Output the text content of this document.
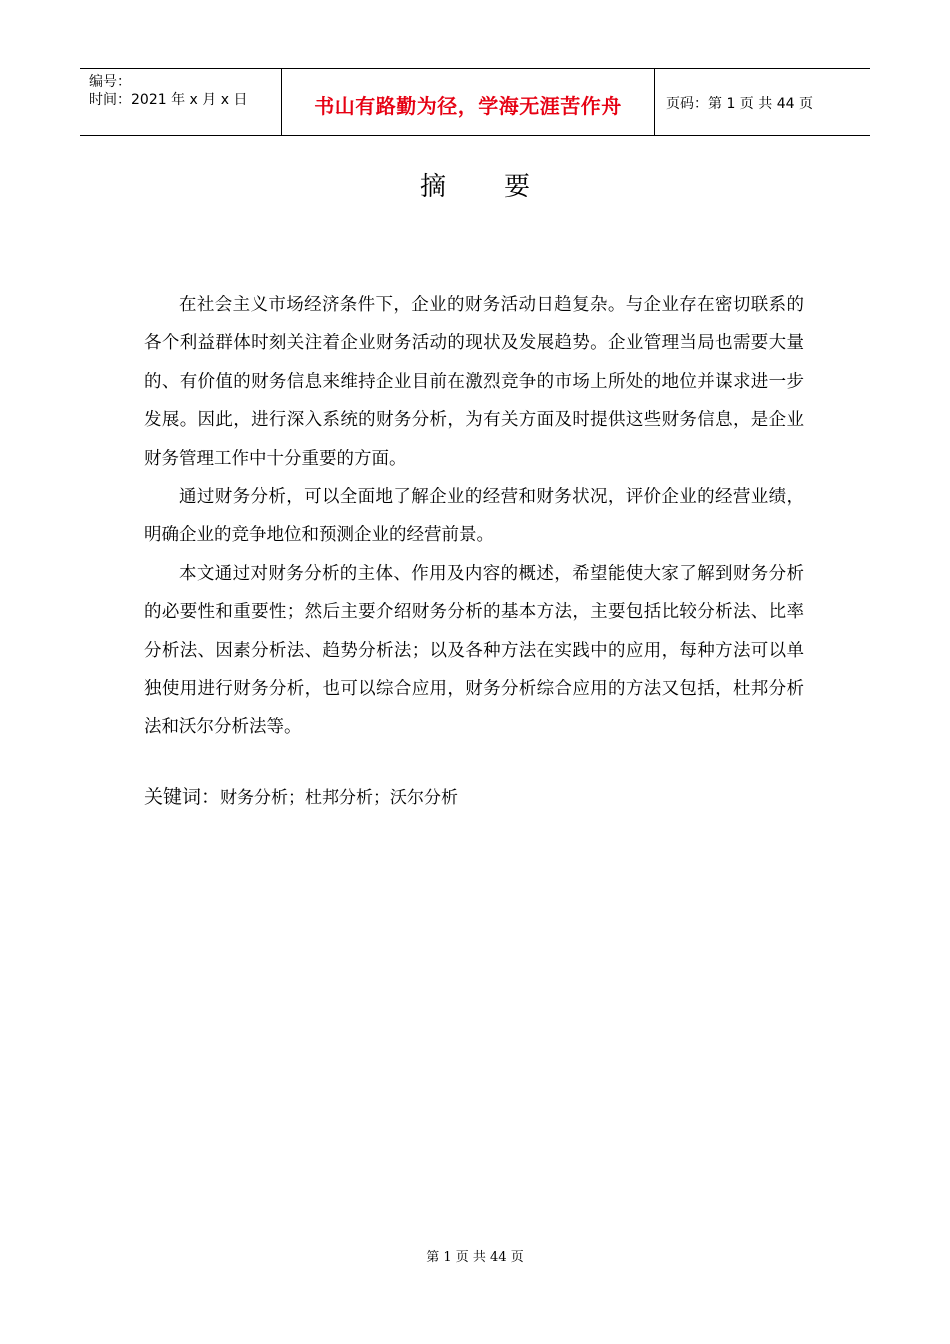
编号：
时间：2021 年 x 月 x 日	书山有路勤为径，学海无涯苦作舟	页码：第 1 页 共 44 页
摘 要

在社会主义市场经济条件下，企业的财务活动日趋复杂。与企业存在密切联系的各个利益群体时刻关注着企业财务活动的现状及发展趋势。企业管理当局也需要大量的、有价值的财务信息来维持企业目前在激烈竞争的市场上所处的地位并谋求进一步发展。因此，进行深入系统的财务分析，为有关方面及时提供这些财务信息，是企业财务管理工作中十分重要的方面。

通过财务分析，可以全面地了解企业的经营和财务状况，评价企业的经营业绩，明确企业的竞争地位和预测企业的经营前景。

本文通过对财务分析的主体、作用及内容的概述，希望能使大家了解到财务分析的必要性和重要性；然后主要介绍财务分析的基本方法，主要包括比较分析法、比率分析法、因素分析法、趋势分析法；以及各种方法在实践中的应用，每种方法可以单独使用进行财务分析，也可以综合应用，财务分析综合应用的方法又包括，杜邦分析法和沃尔分析法等。

关键词：财务分析；杜邦分析；沃尔分析
第 1 页 共 44 页
